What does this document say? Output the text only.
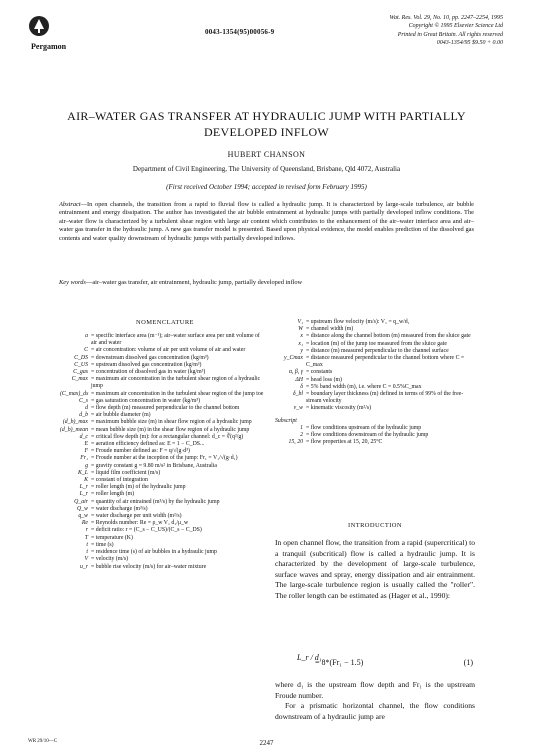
Pergamon
0043-1354(95)00056-9
Wat. Res. Vol. 29, No. 10, pp. 2247–2254, 1995
Copyright © 1995 Elsevier Science Ltd
Printed in Great Britain. All rights reserved
0043-1354/95 $9.50 + 0.00
AIR–WATER GAS TRANSFER AT HYDRAULIC JUMP WITH PARTIALLY DEVELOPED INFLOW
HUBERT CHANSON
Department of Civil Engineering, The University of Queensland, Brisbane, Qld 4072, Australia
(First received October 1994; accepted in revised form February 1995)
Abstract—In open channels, the transition from a rapid to fluvial flow is called a hydraulic jump. It is characterized by large-scale turbulence, air bubble entrainment and energy dissipation. The author has investigated the air bubble entrainment at hydraulic jumps with partially developed inflow conditions. The air–water flow is characterized by a turbulent shear region with large air content which contributes to the enhancement of the air–water interface area and air–water gas transfer in the hydraulic jump. A new gas transfer model is presented. Based upon physical evidence, the model enables prediction of the dissolved gas contents and water quality downstream of hydraulic jumps with partially developed inflows.
Key words—air–water gas transfer, air entrainment, hydraulic jump, partially developed inflow
NOMENCLATURE
a = specific interface area (m⁻¹); air–water surface area per unit volume of air and water
C = air concentration: volume of air per unit volume of air and water
C_DS = downstream dissolved gas concentration (kg/m³)
C_US = upstream dissolved gas concentration (kg/m³)
C_gas = concentration of dissolved gas in water (kg/m³)
C_max = maximum air concentration in the turbulent shear region of a hydraulic jump
(C_max)_ds = maximum air concentration in the turbulent shear region of the jump toe
C_s = gas saturation concentration in water (kg/m³)
d = flow depth (m) measured perpendicular to the channel bottom
d_b = air bubble diameter (m)
(d_b)_max = maximum bubble size (m) in shear flow region of a hydraulic jump
(d_b)_mean = mean bubble size (m) in the shear flow region of a hydraulic jump
d_c = critical flow depth (m): for a rectangular channel: d_c = ∛(q²/g)
E = aeration efficiency defined as: E = 1 − C_DS...
F = Froude number defined as: F = q/√(g·d³)
Fr₁ = Froude number at the inception of the jump: Fr₁ = V₁/√(g·d₁)
g = gravity constant g = 9.80 m/s² in Brisbane, Australia
K_L = liquid film coefficient (m/s)
K = constant of integration
L_r = roller length (m) of the hydraulic jump
L_r = roller length (m)
Q_air = quantity of air entrained (m³/s) by the hydraulic jump
Q_w = water discharge (m³/s)
q_w = water discharge per unit width (m²/s)
Re = Reynolds number: Re = ρ_w V₁ d₁/μ_w
r = deficit ratio: r = (C_s − C_US)/(C_s − C_DS)
T = temperature (K)
t = time (s)
t = residence time (s) of air bubbles in a hydraulic jump
V = velocity (m/s)
u_r = bubble rise velocity (m/s) for air–water mixture
V₁ = upstream flow velocity (m/s): V₁ = q_w/d₁
W = channel width (m)
x = distance along the channel bottom (m) measured from the sluice gate
x₁ = location (m) of the jump toe measured from the sluice gate
y = distance (m) measured perpendicular to the channel surface
y_Cmax = distance measured perpendicular to the channel bottom where C = C_max
α, β, γ = constants
ΔH = head loss (m)
δ = 5% band width (m), i.e. where C = 0.5%C_max
δ_bl = boundary layer thickness (m) defined in terms of 99% of the free-stream velocity
ν_w = kinematic viscosity (m²/s)
Subscript
1 = flow conditions upstream of the hydraulic jump
2 = flow conditions downstream of the hydraulic jump
15, 20 = flow properties at 15, 20, 25°C
INTRODUCTION
In open channel flow, the transition from a rapid (supercritical) to a tranquil (subcritical) flow is called a hydraulic jump. It is characterized by the development of large-scale turbulence, surface waves and spray, energy dissipation and air entrainment. The large-scale turbulence region is usually called the "roller". The roller length can be estimated as (Hager et al., 1990):
L_r / d₁
= 8*(Fr₁ − 1.5)	(1)
where d₁ is the upstream flow depth and Fr₁ is the upstream Froude number.
For a prismatic horizontal channel, the flow conditions downstream of a hydraulic jump are
WR 29/10—C	2247
